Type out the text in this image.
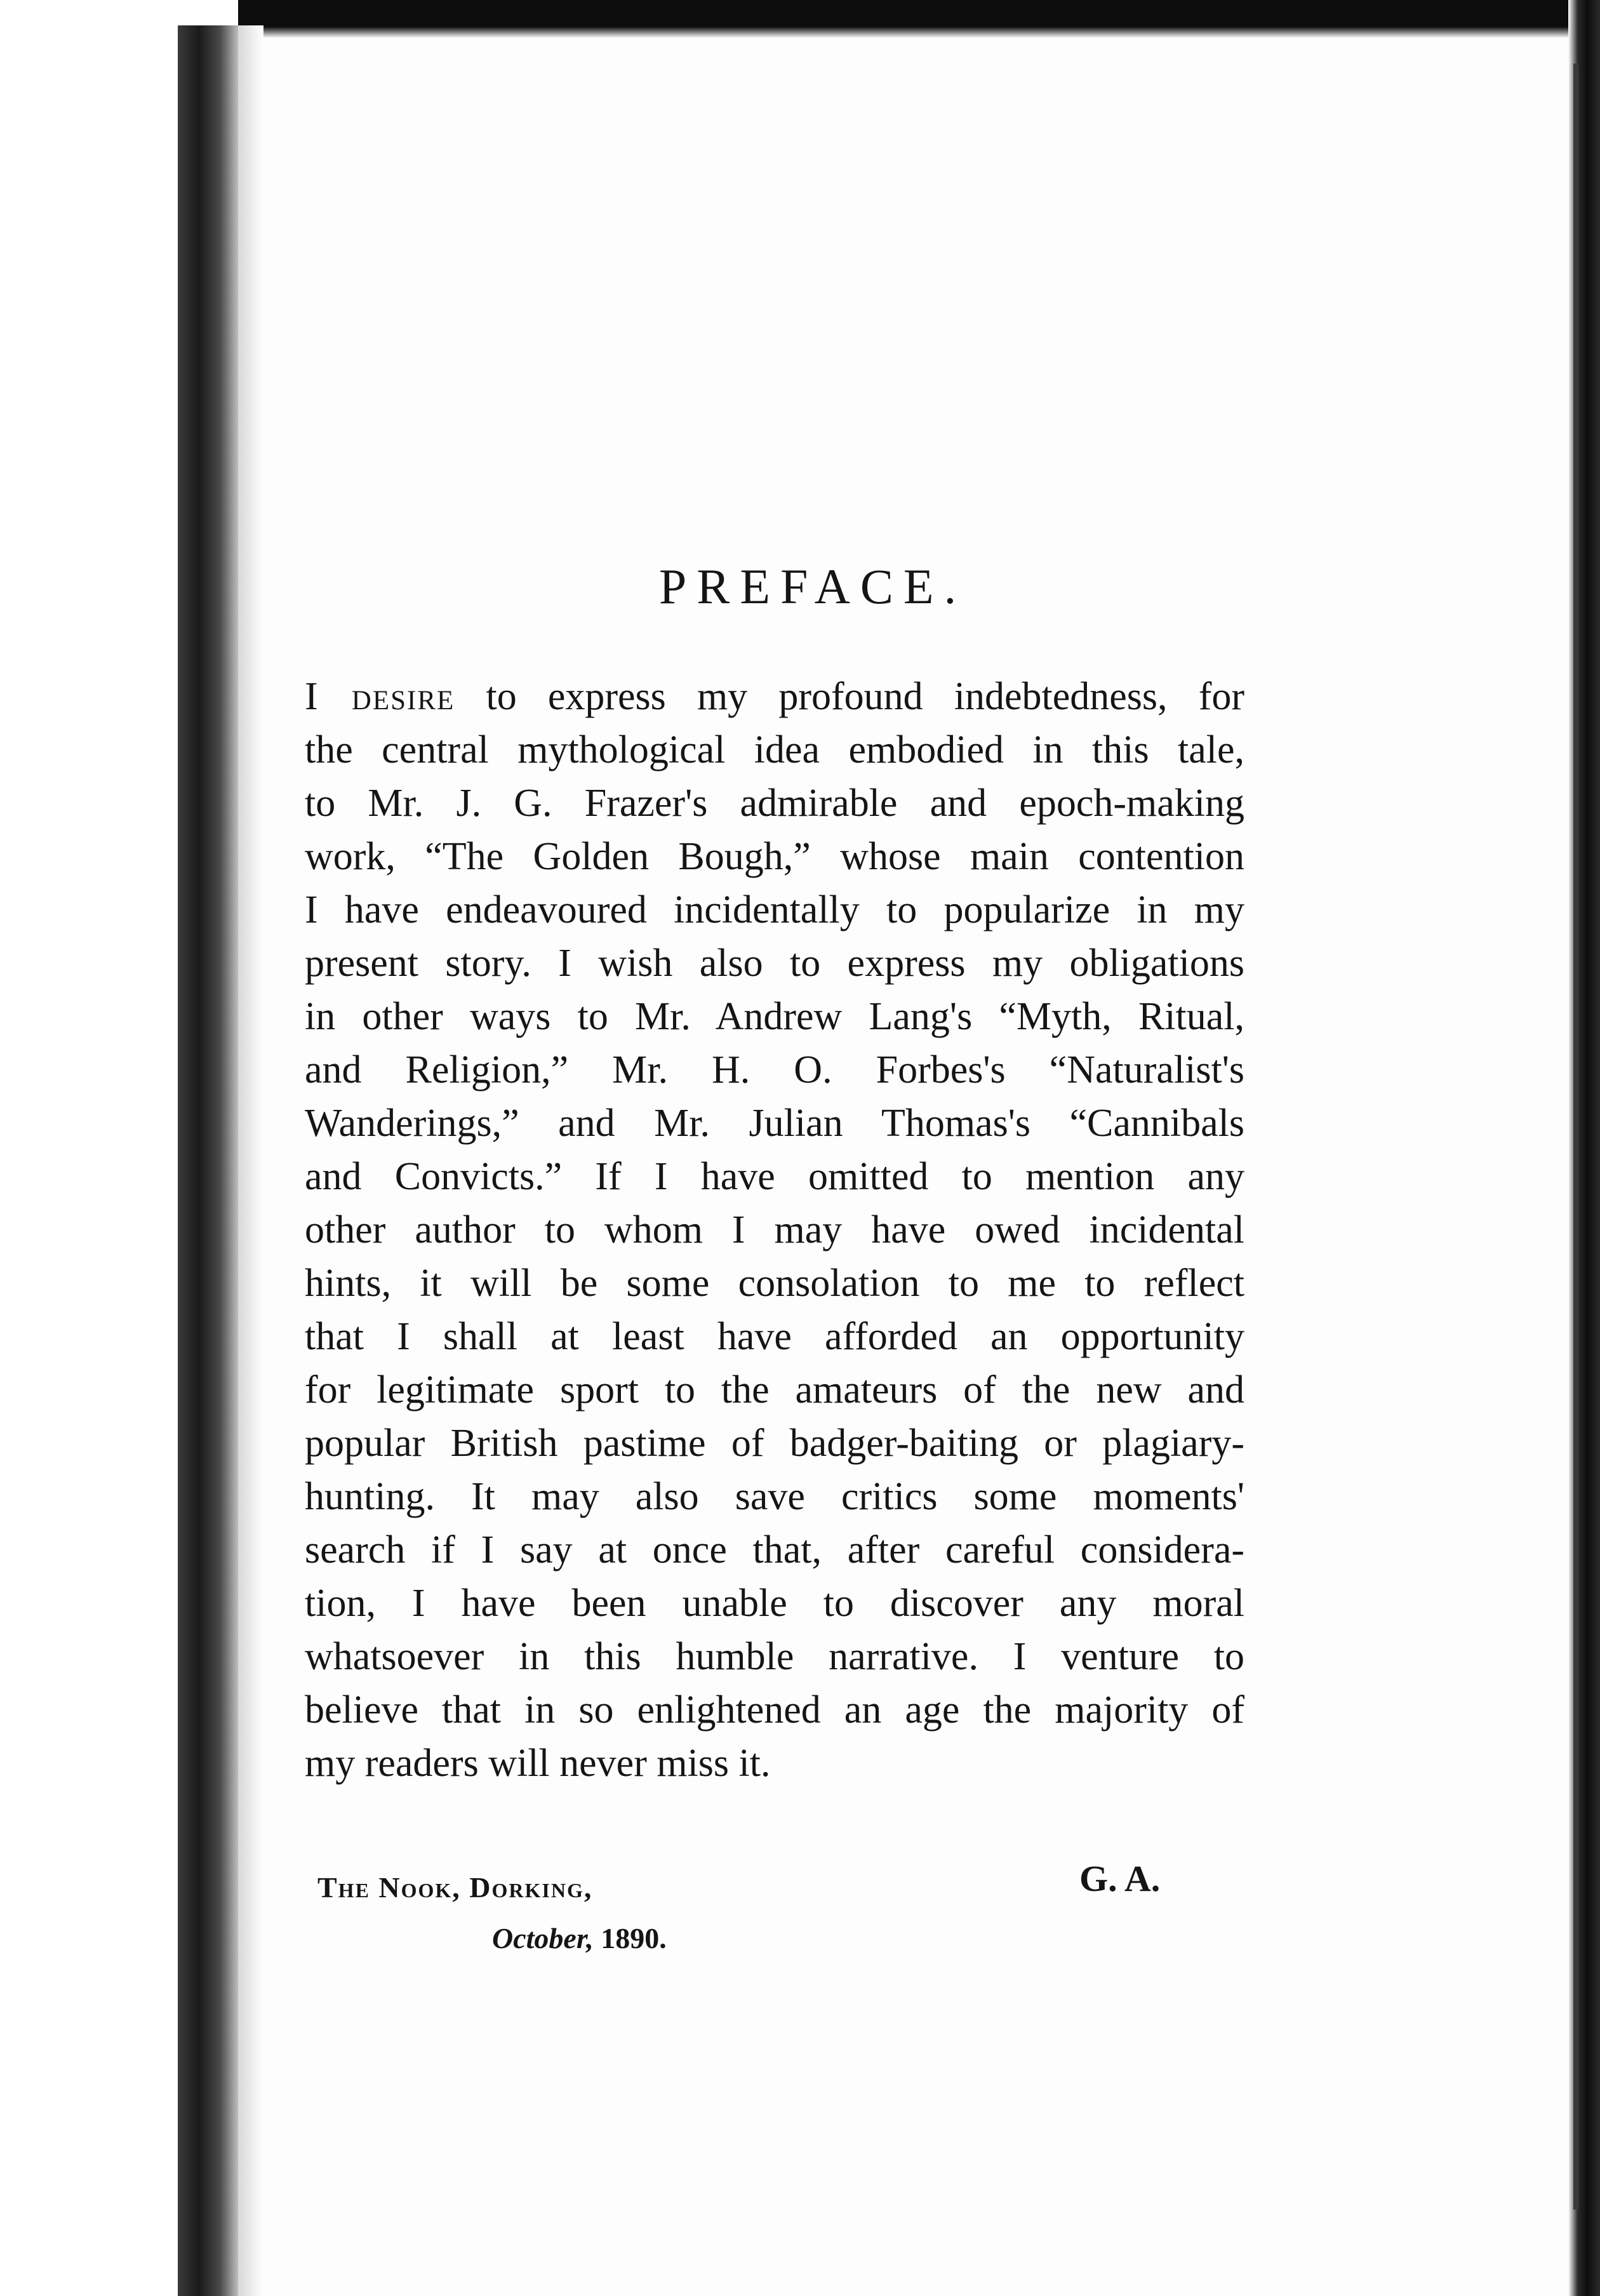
PREFACE.
I desire to express my profound indebtedness, for
the central mythological idea embodied in this tale,
to Mr. J. G. Frazer's admirable and epoch-making
work, “The Golden Bough,” whose main contention
I have endeavoured incidentally to popularize in my
present story. I wish also to express my obligations
in other ways to Mr. Andrew Lang's “Myth, Ritual,
and Religion,” Mr. H. O. Forbes's “Naturalist's
Wanderings,” and Mr. Julian Thomas's “Cannibals
and Convicts.” If I have omitted to mention any
other author to whom I may have owed incidental
hints, it will be some consolation to me to reflect
that I shall at least have afforded an opportunity
for legitimate sport to the amateurs of the new and
popular British pastime of badger-baiting or plagiary-
hunting. It may also save critics some moments'
search if I say at once that, after careful considera-
tion, I have been unable to discover any moral
whatsoever in this humble narrative. I venture to
believe that in so enlightened an age the majority of
my readers will never miss it.
G. A.
The Nook, Dorking,
October, 1890.
